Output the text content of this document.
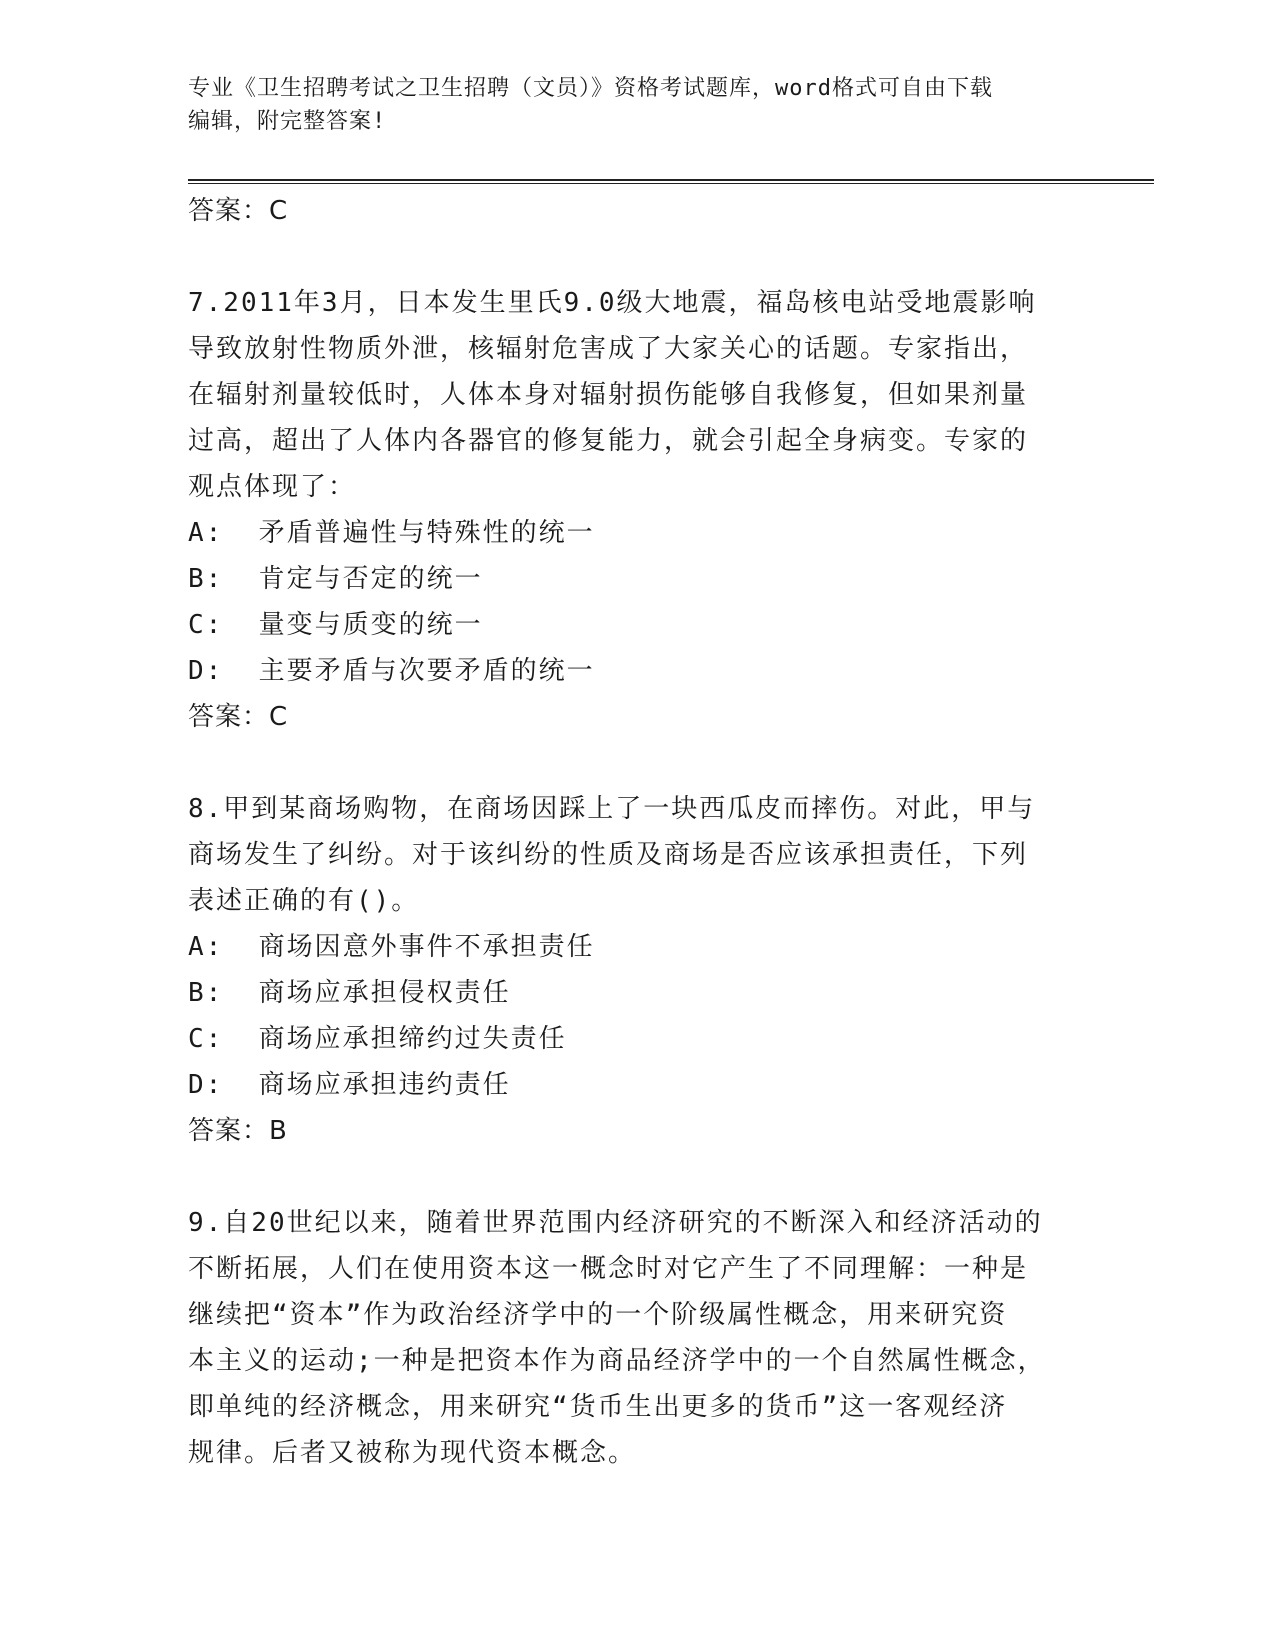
专业《卫生招聘考试之卫生招聘（文员）》资格考试题库，word格式可自由下载
编辑，附完整答案!
答案：C

7.2011年3月，日本发生里氏9.0级大地震，福岛核电站受地震影响

导致放射性物质外泄，核辐射危害成了大家关心的话题。专家指出，

在辐射剂量较低时，人体本身对辐射损伤能够自我修复，但如果剂量

过高，超出了人体内各器官的修复能力，就会引起全身病变。专家的

观点体现了：

A:  矛盾普遍性与特殊性的统一

B:  肯定与否定的统一

C:  量变与质变的统一

D:  主要矛盾与次要矛盾的统一

答案：C

8.甲到某商场购物，在商场因踩上了一块西瓜皮而摔伤。对此，甲与

商场发生了纠纷。对于该纠纷的性质及商场是否应该承担责任，下列

表述正确的有()。

A:  商场因意外事件不承担责任

B:  商场应承担侵权责任

C:  商场应承担缔约过失责任

D:  商场应承担违约责任

答案：B

9.自20世纪以来，随着世界范围内经济研究的不断深入和经济活动的

不断拓展，人们在使用资本这一概念时对它产生了不同理解：一种是

继续把“资本”作为政治经济学中的一个阶级属性概念，用来研究资

本主义的运动;一种是把资本作为商品经济学中的一个自然属性概念，

即单纯的经济概念，用来研究“货币生出更多的货币”这一客观经济

规律。后者又被称为现代资本概念。
